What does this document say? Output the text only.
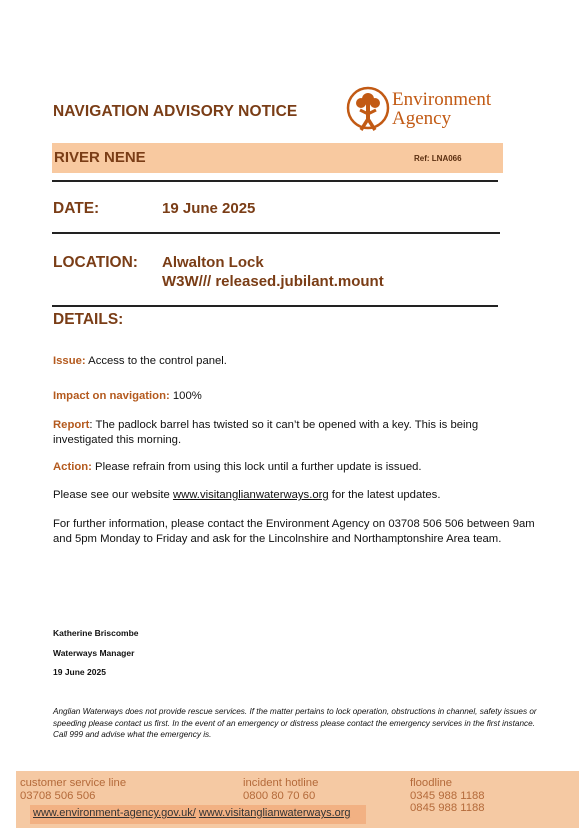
NAVIGATION ADVISORY NOTICE
Environment
Agency
RIVER NENE	Ref: LNA066
DATE:	19 June 2025
LOCATION: Alwalton Lock
W3W/// released.jubilant.mount
DETAILS:
Issue: Access to the control panel.
Impact on navigation: 100%
Report: The padlock barrel has twisted so it can’t be opened with a key. This is being investigated this morning.
Action: Please refrain from using this lock until a further update is issued.
Please see our website www.visitanglianwaterways.org for the latest updates.
For further information, please contact the Environment Agency on 03708 506 506 between 9am and 5pm Monday to Friday and ask for the Lincolnshire and Northamptonshire Area team.
Katherine Briscombe
Waterways Manager
19 June 2025
Anglian Waterways does not provide rescue services. If the matter pertains to lock operation, obstructions in channel, safety issues or speeding please contact us first. In the event of an emergency or distress please contact the emergency services in the first instance. Call 999 and advise what the emergency is.
customer service line
03708 506 506
incident hotline
0800 80 70 60
floodline
0345 988 1188
0845 988 1188
www.environment-agency.gov.uk/ www.visitanglianwaterways.org
